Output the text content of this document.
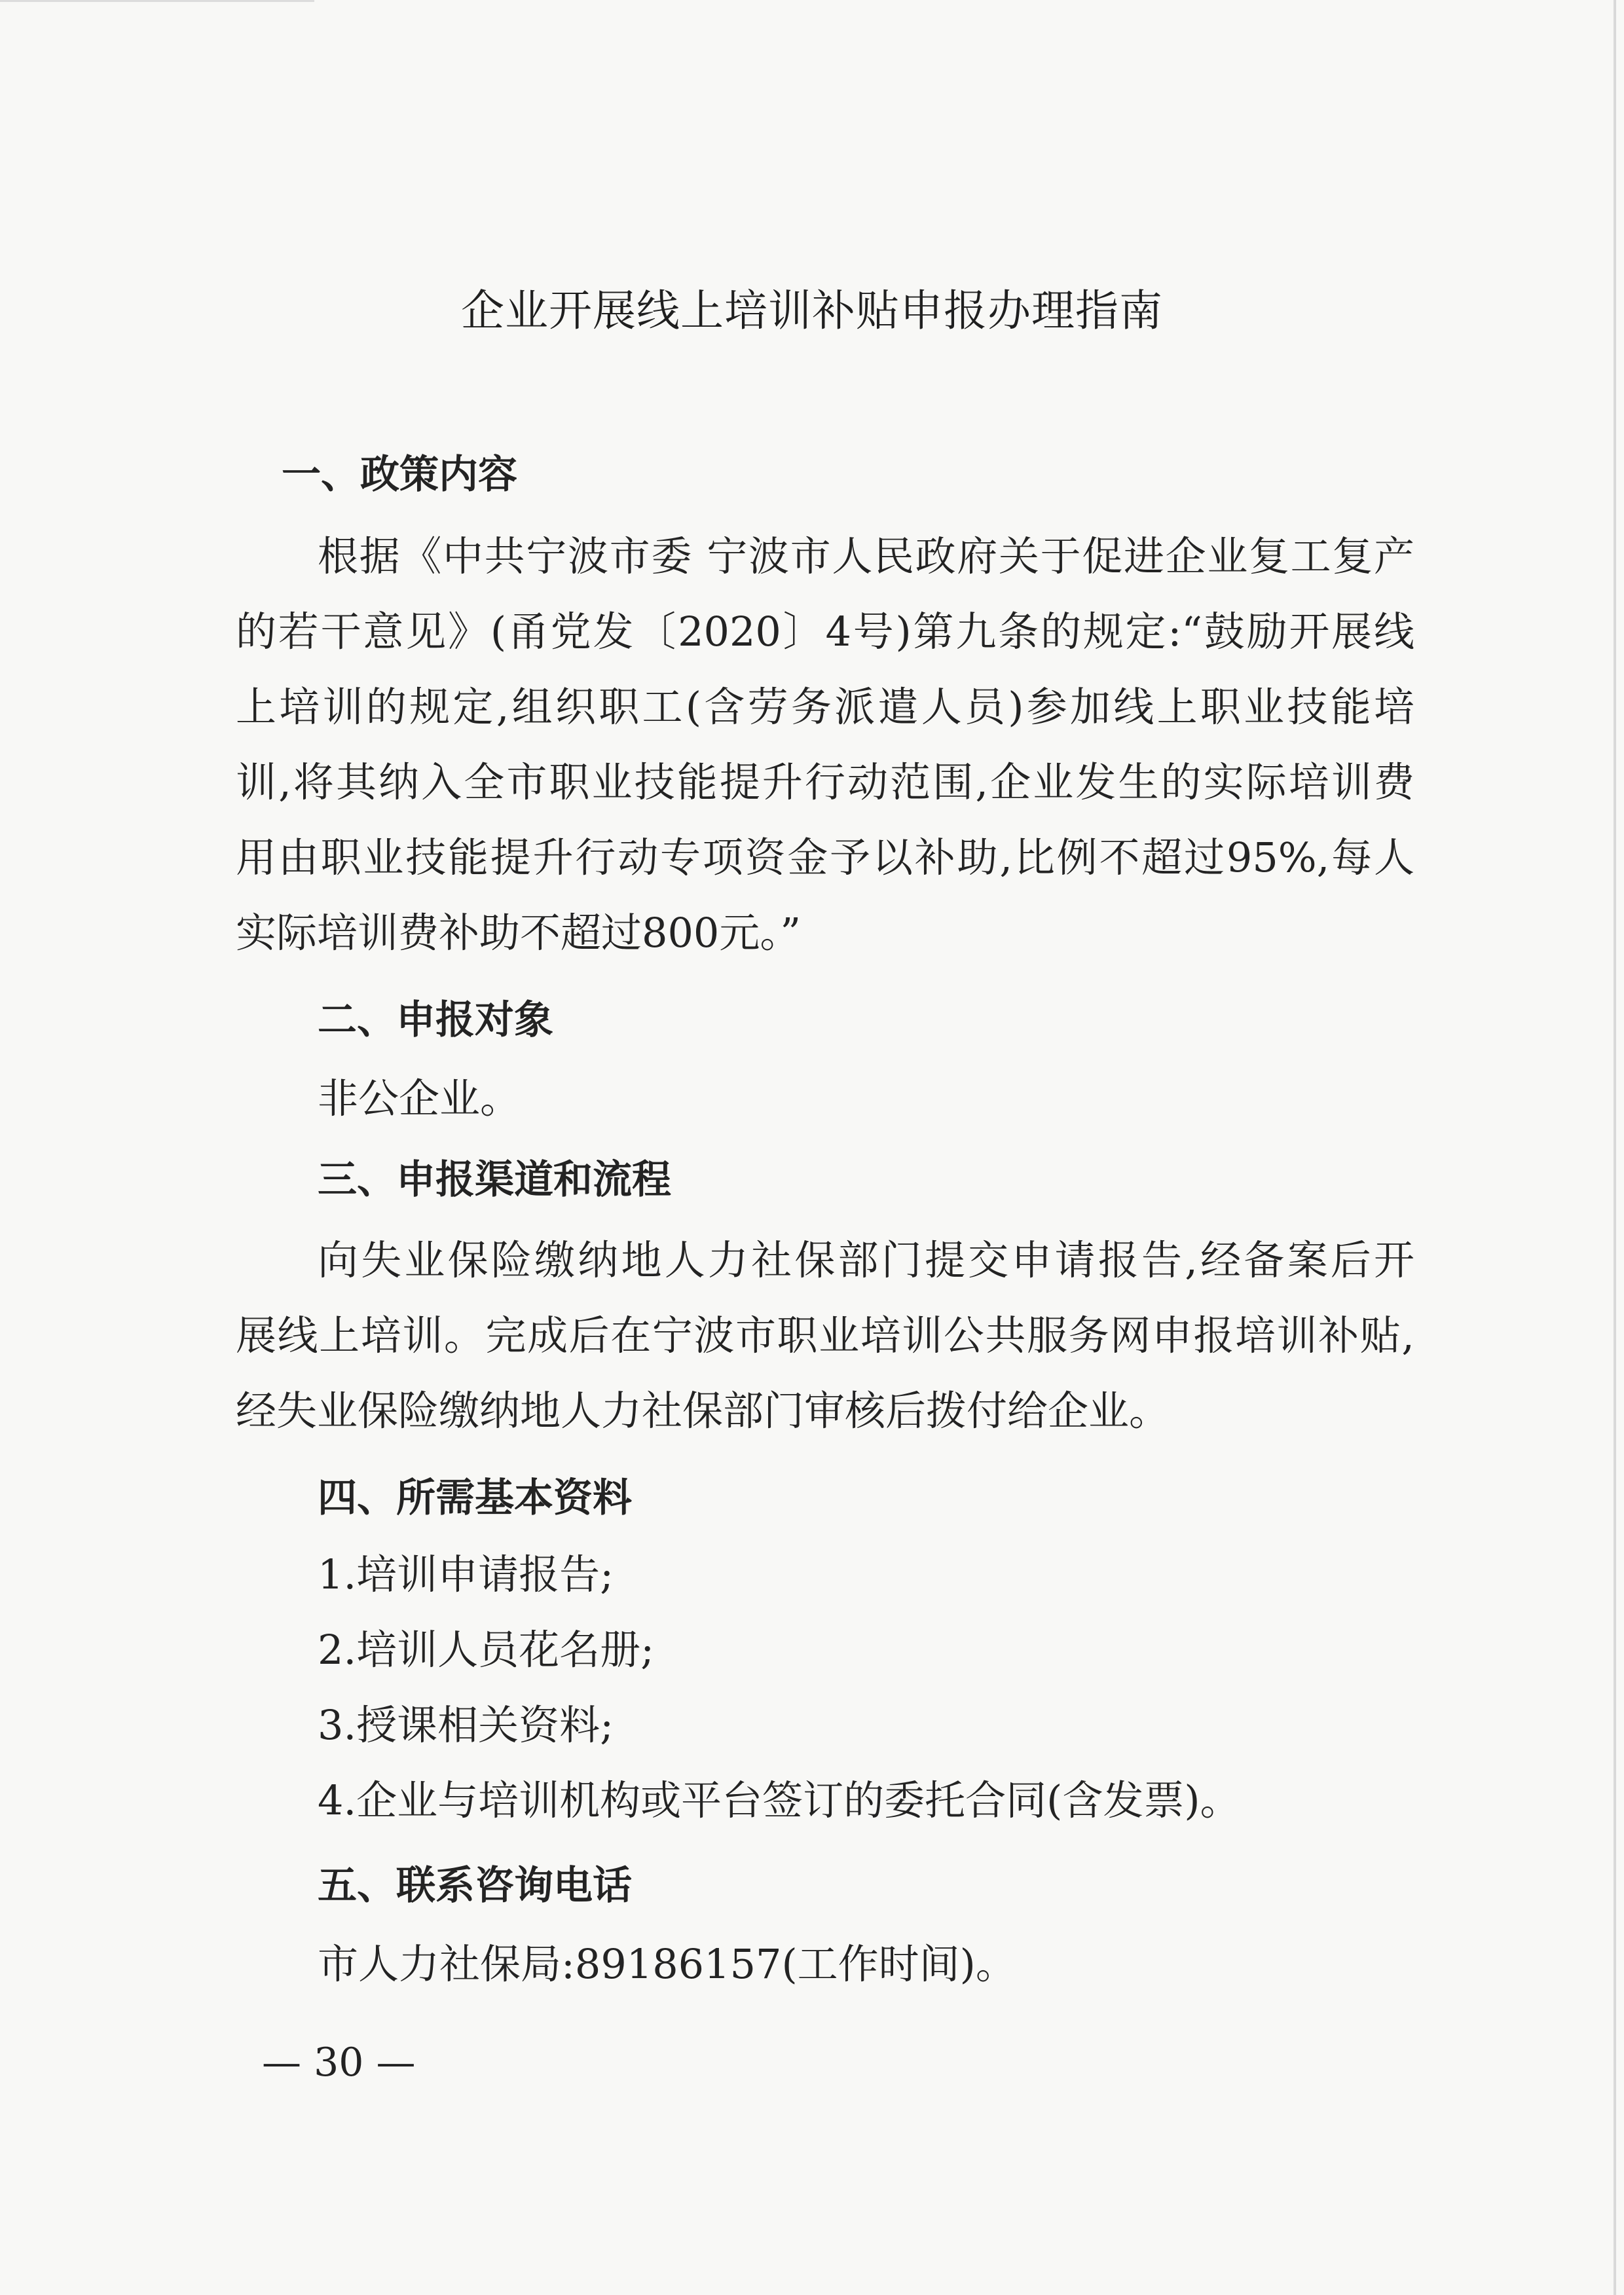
企业开展线上培训补贴申报办理指南
一、政策内容
根据《中共宁波市委 宁波市人民政府关于促进企业复工复产
的若干意见》(甬党发〔2020〕4号)第九条的规定:“鼓励开展线
上培训的规定,组织职工(含劳务派遣人员)参加线上职业技能培
训,将其纳入全市职业技能提升行动范围,企业发生的实际培训费
用由职业技能提升行动专项资金予以补助,比例不超过95%,每人
实际培训费补助不超过800元。”
二、申报对象
非公企业。
三、申报渠道和流程
向失业保险缴纳地人力社保部门提交申请报告,经备案后开
展线上培训。完成后在宁波市职业培训公共服务网申报培训补贴,
经失业保险缴纳地人力社保部门审核后拨付给企业。
四、所需基本资料
1.培训申请报告;
2.培训人员花名册;
3.授课相关资料;
4.企业与培训机构或平台签订的委托合同(含发票)。
五、联系咨询电话
市人力社保局:89186157(工作时间)。
— 30 —
